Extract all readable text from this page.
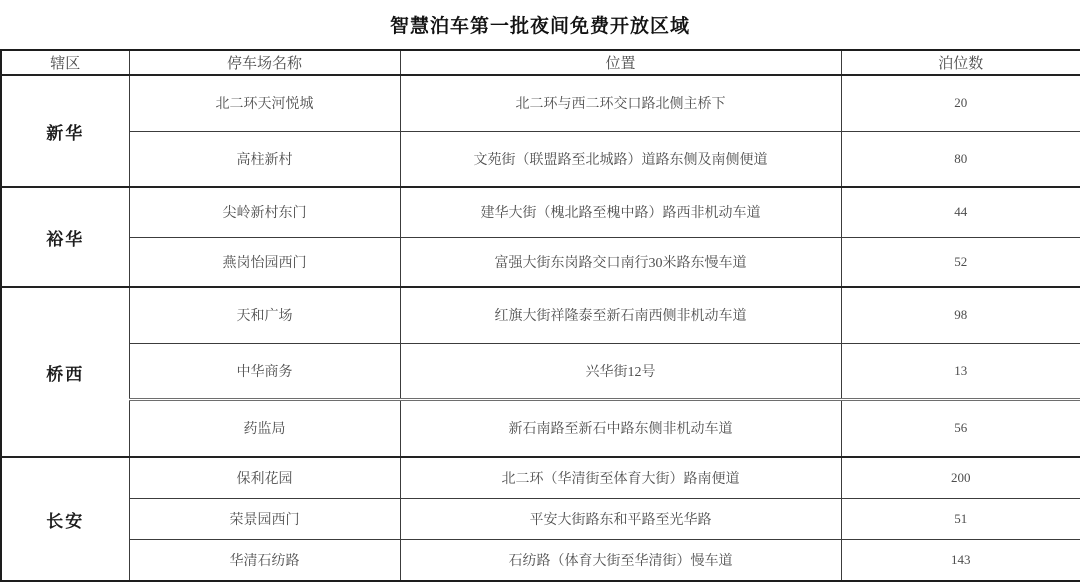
智慧泊车第一批夜间免费开放区域
辖区	停车场名称	位置	泊位数
新华	北二环天河悦城	北二环与西二环交口路北侧主桥下	20
	高柱新村	文苑街（联盟路至北城路）道路东侧及南侧便道	80
裕华	尖岭新村东门	建华大街（槐北路至槐中路）路西非机动车道	44
	燕岗怡园西门	富强大街东岗路交口南行30米路东慢车道	52
桥西	天和广场	红旗大街祥隆泰至新石南西侧非机动车道	98
	中华商务	兴华街12号	13
	药监局	新石南路至新石中路东侧非机动车道	56
长安	保利花园	北二环（华清街至体育大街）路南便道	200
	荣景园西门	平安大街路东和平路至光华路	51
	华清石纺路	石纺路（体育大街至华清街）慢车道	143
